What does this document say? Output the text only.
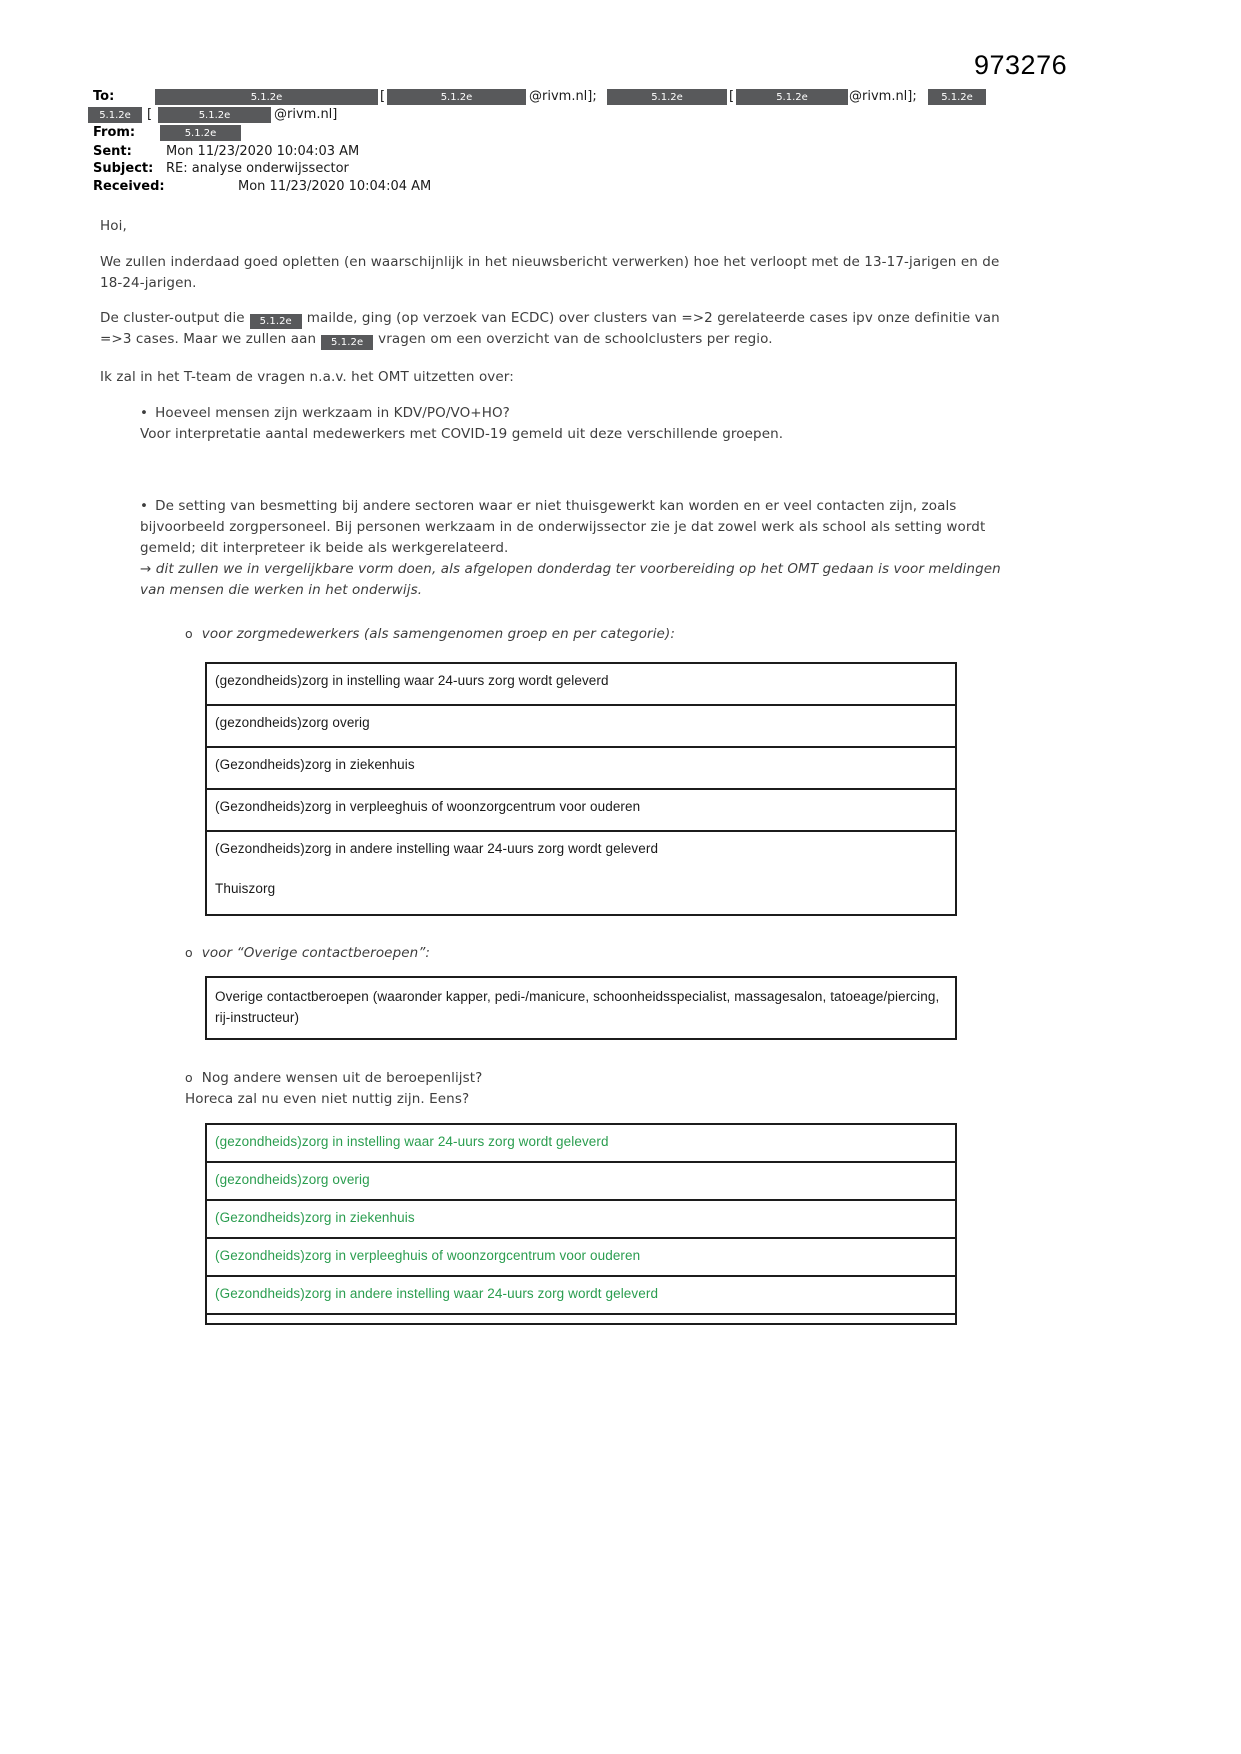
973276
To:	5.1.2e	[	5.1.2e	@rivm.nl];	5.1.2e	[	5.1.2e	@rivm.nl];	5.1.2e
5.1.2e	[	5.1.2e	@rivm.nl]
From:	5.1.2e
Sent:	Mon 11/23/2020 10:04:03 AM
Subject: RE: analyse onderwijssector
Received:	Mon 11/23/2020 10:04:04 AM
Hoi,
We zullen inderdaad goed opletten (en waarschijnlijk in het nieuwsbericht verwerken) hoe het verloopt met de 13-17-jarigen en de 18-24-jarigen.
De cluster-output die 5.1.2e mailde, ging (op verzoek van ECDC) over clusters van =>2 gerelateerde cases ipv onze definitie van =>3 cases. Maar we zullen aan 5.1.2e vragen om een overzicht van de schoolclusters per regio.
Ik zal in het T-team de vragen n.a.v. het OMT uitzetten over:
• Hoeveel mensen zijn werkzaam in KDV/PO/VO+HO?
Voor interpretatie aantal medewerkers met COVID-19 gemeld uit deze verschillende groepen.
• De setting van besmetting bij andere sectoren waar er niet thuisgewerkt kan worden en er veel contacten zijn, zoals bijvoorbeeld zorgpersoneel. Bij personen werkzaam in de onderwijssector zie je dat zowel werk als school als setting wordt gemeld; dit interpreteer ik beide als werkgerelateerd.
→ dit zullen we in vergelijkbare vorm doen, als afgelopen donderdag ter voorbereiding op het OMT gedaan is voor meldingen van mensen die werken in het onderwijs.
o voor zorgmedewerkers (als samengenomen groep en per categorie):
(gezondheids)zorg in instelling waar 24-uurs zorg wordt geleverd
(gezondheids)zorg overig
(Gezondheids)zorg in ziekenhuis
(Gezondheids)zorg in verpleeghuis of woonzorgcentrum voor ouderen
(Gezondheids)zorg in andere instelling waar 24-uurs zorg wordt geleverd
Thuiszorg
o voor “Overige contactberoepen”:
Overige contactberoepen (waaronder kapper, pedi-/manicure, schoonheidsspecialist, massagesalon, tatoeage/piercing, rij-instructeur)
o Nog andere wensen uit de beroepenlijst?
Horeca zal nu even niet nuttig zijn. Eens?
(gezondheids)zorg in instelling waar 24-uurs zorg wordt geleverd
(gezondheids)zorg overig
(Gezondheids)zorg in ziekenhuis
(Gezondheids)zorg in verpleeghuis of woonzorgcentrum voor ouderen
(Gezondheids)zorg in andere instelling waar 24-uurs zorg wordt geleverd
